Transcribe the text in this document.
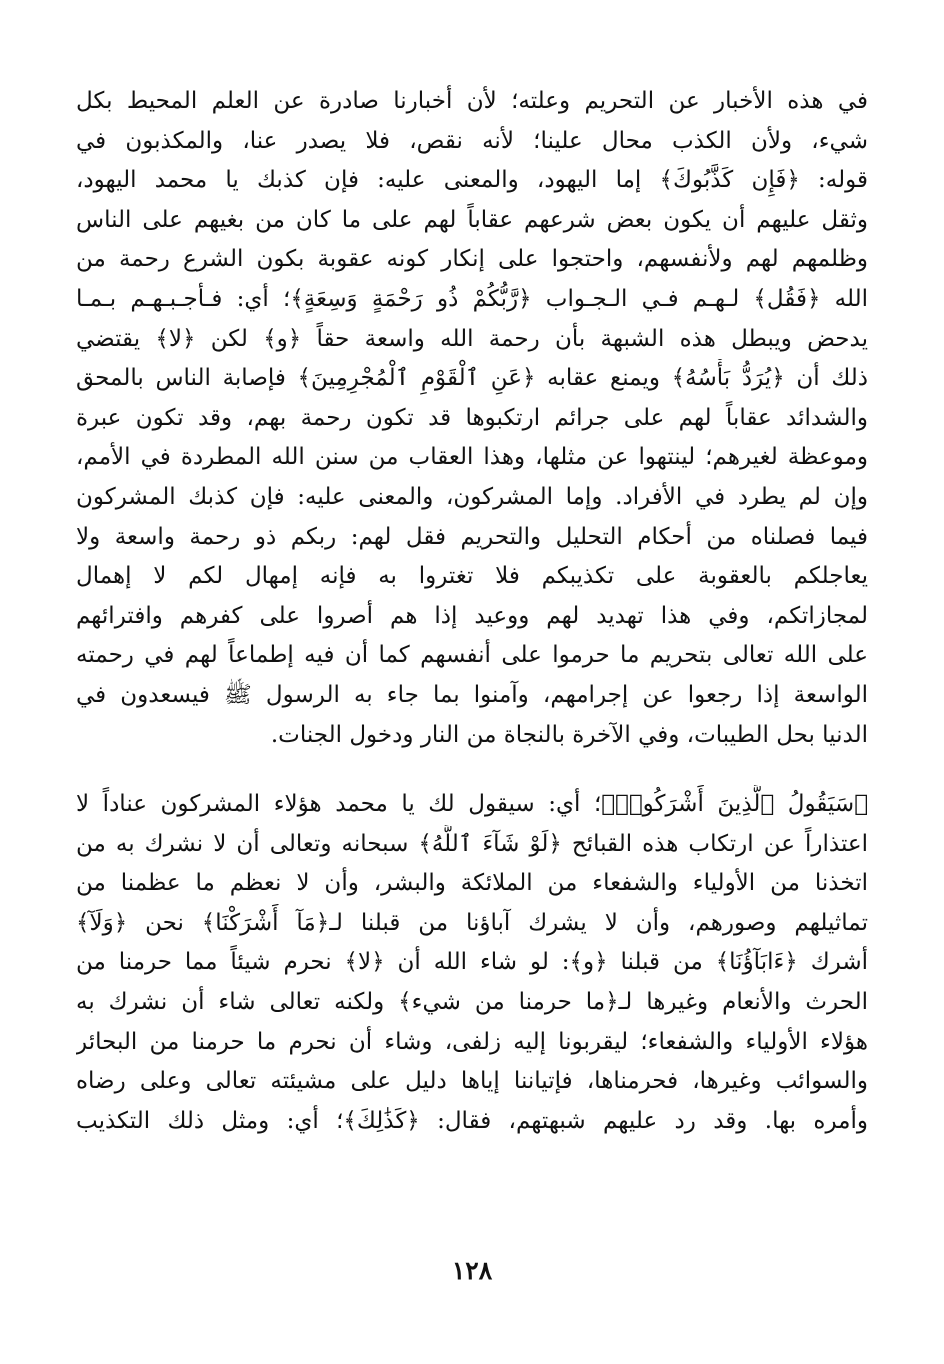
في هذه الأخبار عن التحريم وعلته؛ لأن أخبارنا صادرة عن العلم المحيط بكل
شيء، ولأن الكذب محال علينا؛ لأنه نقص، فلا يصدر عنا، والمكذبون في
قوله: ﴿فَإِن كَذَّبُوكَ﴾ إما اليهود، والمعنى عليه: فإن كذبك يا محمد اليهود،
وثقل عليهم أن يكون بعض شرعهم عقاباً لهم على ما كان من بغيهم على الناس
وظلمهم لهم ولأنفسهم، واحتجوا على إنكار كونه عقوبة بكون الشرع رحمة من
الله ﴿فَقُل﴾ لـهـم فـي الـجـواب ﴿رَّبُّكُمْ ذُو رَحْمَةٍ وَسِعَةٍ﴾؛ أي: فـأجـبـهـم بـمـا
يدحض ويبطل هذه الشبهة بأن رحمة الله واسعة حقاً ﴿و﴾ لكن ﴿لا﴾ يقتضي
ذلك أن ﴿يُرَدُّ بَأْسُهُ﴾ ويمنع عقابه ﴿عَنِ ٱلْقَوْمِ ٱلْمُجْرِمِينَ﴾ فإصابة الناس بالمحق
والشدائد عقاباً لهم على جرائم ارتكبوها قد تكون رحمة بهم، وقد تكون عبرة
وموعظة لغيرهم؛ لينتهوا عن مثلها، وهذا العقاب من سنن الله المطردة في الأمم،
وإن لم يطرد في الأفراد. وإما المشركون، والمعنى عليه: فإن كذبك المشركون
فيما فصلناه من أحكام التحليل والتحريم فقل لهم: ربكم ذو رحمة واسعة ولا
يعاجلكم بالعقوبة على تكذيبكم فلا تغتروا به فإنه إمهال لكم لا إهمال
لمجازاتكم، وفي هذا تهديد لهم ووعيد إذا هم أصروا على كفرهم وافترائهم
على الله تعالى بتحريم ما حرموا على أنفسهم كما أن فيه إطماعاً لهم في رحمته
الواسعة إذا رجعوا عن إجرامهم، وآمنوا بما جاء به الرسول ﷺ فيسعدون في
الدنيا بحل الطيبات، وفي الآخرة بالنجاة من النار ودخول الجنات.
﴿سَيَقُولُ ٱلَّذِينَ أَشْرَكُوا۟﴾؛ أي: سيقول لك يا محمد هؤلاء المشركون عناداً لا
اعتذاراً عن ارتكاب هذه القبائح ﴿لَوْ شَآءَ ٱللَّهُ﴾ سبحانه وتعالى أن لا نشرك به من
اتخذنا من الأولياء والشفعاء من الملائكة والبشر، وأن لا نعظم ما عظمنا من
تماثيلهم وصورهم، وأن لا يشرك آباؤنا من قبلنا لـ﴿مَآ أَشْرَكْنَا﴾ نحن ﴿وَلَآ﴾
أشرك ﴿ءَابَآؤُنَا﴾ من قبلنا ﴿و﴾: لو شاء الله أن ﴿لا﴾ نحرم شيئاً مما حرمنا من
الحرث والأنعام وغيرها لـ﴿ما حرمنا من شيء﴾ ولكنه تعالى شاء أن نشرك به
هؤلاء الأولياء والشفعاء؛ ليقربونا إليه زلفى، وشاء أن نحرم ما حرمنا من البحائر
والسوائب وغيرها، فحرمناها، فإتياننا إياها دليل على مشيئته تعالى وعلى رضاه
وأمره بها. وقد رد عليهم شبهتهم، فقال: ﴿كَذَٰلِكَ﴾؛ أي: ومثل ذلك التكذيب
١٢٨
